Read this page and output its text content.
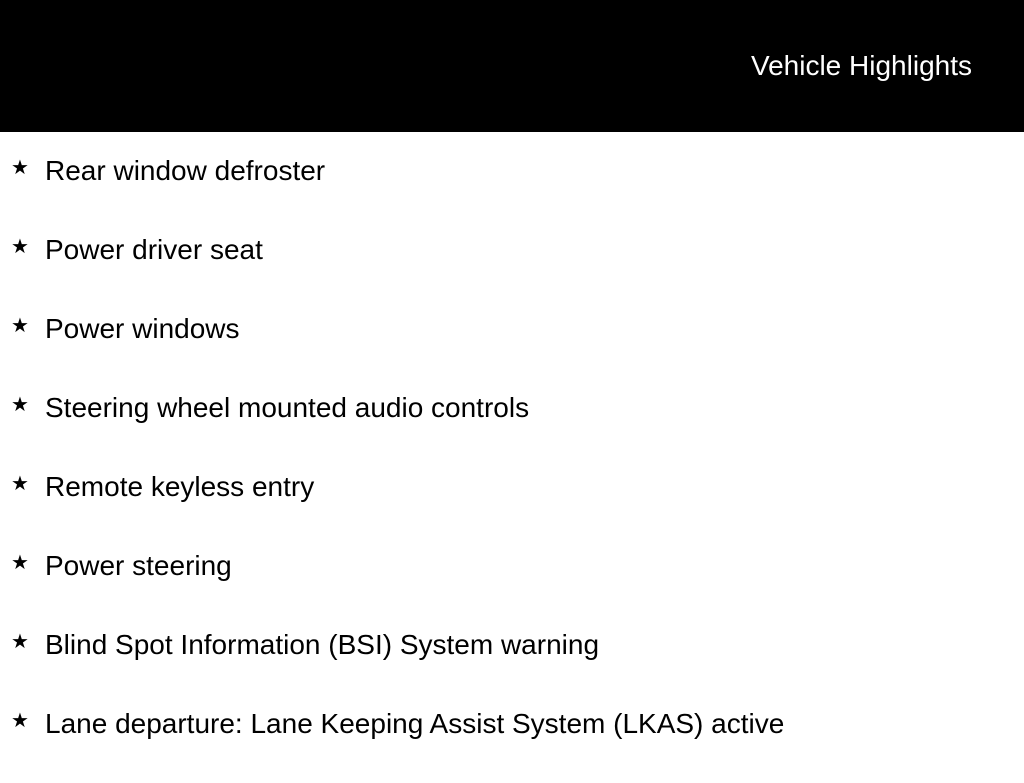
Vehicle Highlights
★ Rear window defroster
★ Power driver seat
★ Power windows
★ Steering wheel mounted audio controls
★ Remote keyless entry
★ Power steering
★ Blind Spot Information (BSI) System warning
★ Lane departure: Lane Keeping Assist System (LKAS) active
